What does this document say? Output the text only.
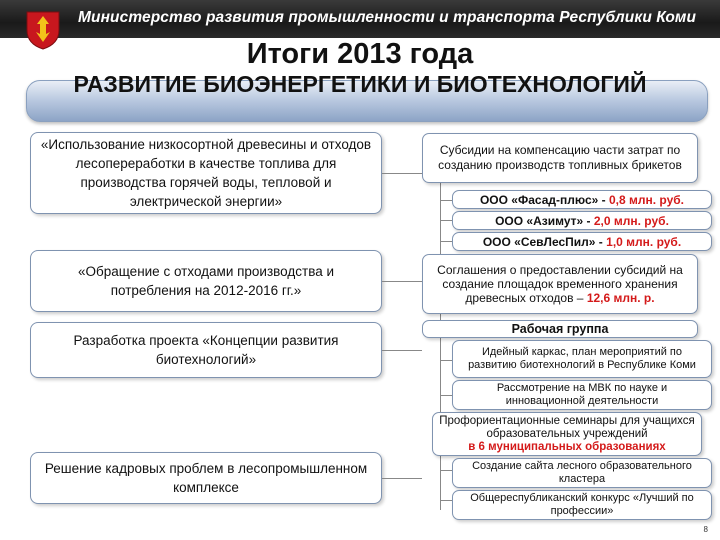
Министерство развития промышленности и транспорта Республики Коми
Итоги 2013 года
РАЗВИТИЕ БИОЭНЕРГЕТИКИ И БИОТЕХНОЛОГИЙ
«Использование низкосортной древесины и отходов лесопереработки в качестве топлива для производства горячей воды, тепловой и электрической энергии»
«Обращение с отходами производства и потребления на 2012-2016 гг.»
Разработка проекта «Концепции развития биотехнологий»
Решение кадровых проблем в лесопромышленном комплексе
Субсидии на компенсацию части затрат по созданию производств топливных брикетов
ООО «Фасад-плюс» - 0,8 млн. руб.
ООО «Азимут» - 2,0 млн. руб.
ООО «СевЛесПил» - 1,0 млн. руб.
Соглашения о предоставлении субсидий на создание площадок временного хранения древесных отходов – 12,6 млн. р.
Рабочая группа
Идейный каркас, план мероприятий по развитию биотехнологий в Республике Коми
Рассмотрение на МВК по науке и инновационной деятельности
Профориентационные семинары для учащихся образовательных учреждений
в 6 муниципальных образованиях
Создание сайта лесного образовательного кластера
Общереспубликанский конкурс «Лучший по профессии»
8
